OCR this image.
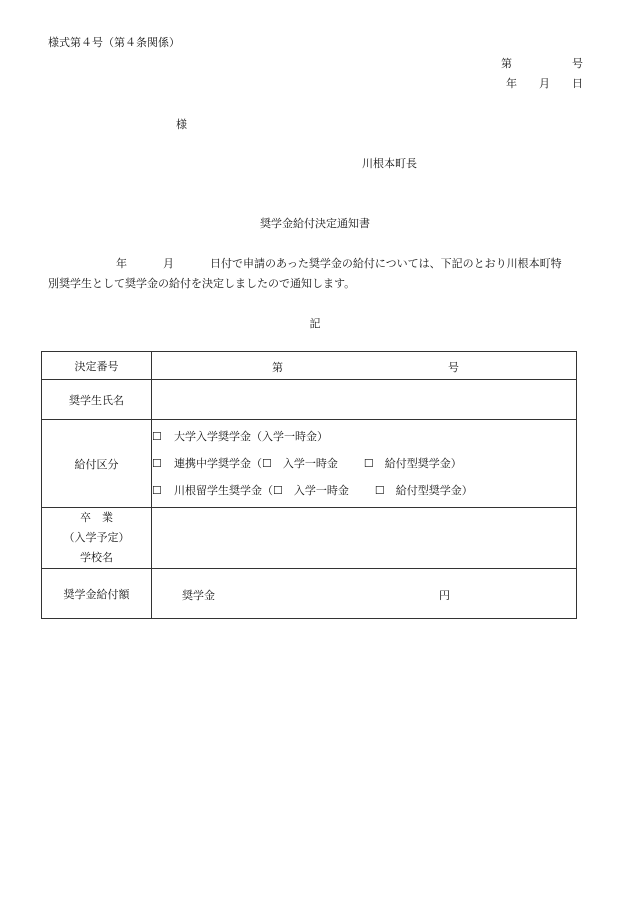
様式第４号（第４条関係）
第	号
年 月 日
様
川根本町長
奨学金給付決定通知書
年	月	日付で申請のあった奨学金の給付については、下記のとおり川根本町特
別奨学生として奨学金の給付を決定しましたので通知します。
記
決定番号	第 号

奨学生氏名	
給付区分	☐ 大学入学奨学金（入学一時金）
☐ 連携中学奨学金（☐　入学一時金 ☐　給付型奨学金）
☐ 川根留学生奨学金（☐　入学一時金 ☐　給付型奨学金）

卒　業
（入学予定）
学校名	

奨学金給付額	奨学金 円
